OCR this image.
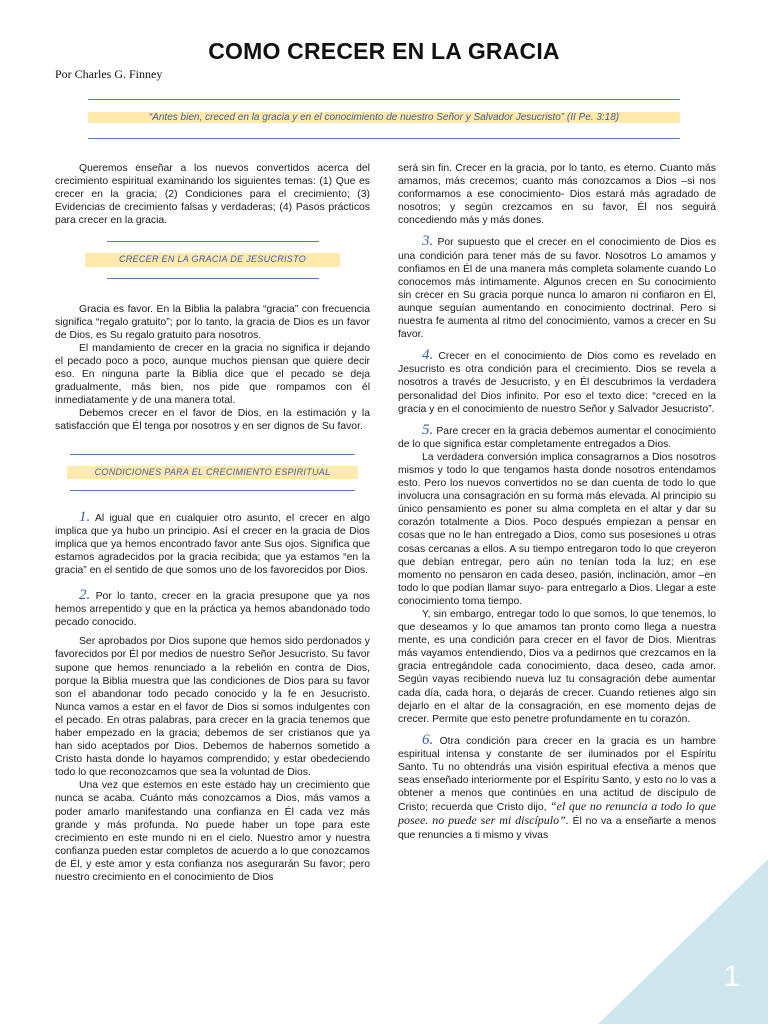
COMO CRECER EN LA GRACIA
Por Charles G. Finney
“Antes bien, creced en la gracia y en el conocimiento de nuestro Señor y Salvador Jesucristo” (II Pe. 3:18)

Queremos enseñar a los nuevos convertidos acerca del crecimiento espiritual examinando los siguientes temas: (1) Que es crecer en la gracia; (2) Condiciones para el crecimiento; (3) Evidencias de crecimiento falsas y verdaderas; (4) Pasos prácticos para crecer en la gracia.

CRECER EN LA GRACIA DE JESUCRISTO

Gracia es favor. En la Biblia la palabra “gracia” con frecuencia significa “regalo gratuito”; por lo tanto, la gracia de Dios es un favor de Dios, es Su regalo gratuito para nosotros.

El mandamiento de crecer en la gracia no significa ir dejando el pecado poco a poco, aunque muchos piensan que quiere decir eso. En ninguna parte la Biblia dice que el pecado se deja gradualmente, más bien, nos pide que rompamos con él inmediatamente y de una manera total.

Debemos crecer en el favor de Dios, en la estimación y la satisfacción que Él tenga por nosotros y en ser dignos de Su favor.

CONDICIONES PARA EL CRECIMIENTO ESPIRITUAL

1. Al igual que en cualquier otro asunto, el crecer en algo implica que ya hubo un principio. Así el crecer en la gracia de Dios implica que ya hemos encontrado favor ante Sus ojos. Significa que estamos agradecidos por la gracia recibida; que ya estamos “en la gracia” en el sentido de que somos uno de los favorecidos por Dios.

2. Por lo tanto, crecer en la gracia presupone que ya nos hemos arrepentido y que en la práctica ya hemos abandonado todo pecado conocido.

Ser aprobados por Dios supone que hemos sido perdonados y favorecidos por Él por medios de nuestro Señor Jesucristo. Su favor supone que hemos renunciado a la rebelión en contra de Dios, porque la Biblia muestra que las condiciones de Dios para su favor son el abandonar todo pecado conocido y la fe en Jesucristo. Nunca vamos a estar en el favor de Dios si somos indulgentes con el pecado. En otras palabras, para crecer en la gracia tenemos que haber empezado en la gracia; debemos de ser cristianos que ya han sido aceptados por Dios. Debemos de habernos sometido a Cristo hasta donde lo hayamos comprendido; y estar obedeciendo todo lo que reconozcamos que sea la voluntad de Dios.

Una vez que estemos en este estado hay un crecimiento que nunca se acaba. Cuánto más conozcamos a Dios, más vamos a poder amarlo manifestando una confianza en Él cada vez más grande y más profunda. No puede haber un tope para este crecimiento en este mundo ni en el cielo. Nuestro amor y nuestra confianza pueden estar completos de acuerdo a lo que conozcamos de Él, y este amor y esta confianza nos asegurarán Su favor; pero nuestro crecimiento en el conocimiento de Dios

será sin fin. Crecer en la gracia, por lo tanto, es eterno. Cuanto más amamos, más crecemos; cuanto más conozcamos a Dios –si nos conformamos a ese conocimiento- Dios estará más agradado de nosotros; y según crezcamos en su favor, Él nos seguirá concediendo más y más dones.

3. Por supuesto que el crecer en el conocimiento de Dios es una condición para tener más de su favor. Nosotros Lo amamos y confiamos en Él de una manera más completa solamente cuando Lo conocemos más íntimamente. Algunos crecen en Su conocimiento sin crecer en Su gracia porque nunca lo amaron ni confiaron en Él, aunque seguían aumentando en conocimiento doctrinal. Pero si nuestra fe aumenta al ritmo del conocimiento, vamos a crecer en Su favor.

4. Crecer en el conocimiento de Dios como es revelado en Jesucristo es otra condición para el crecimiento. Dios se revela a nosotros a través de Jesucristo, y en Él descubrimos la verdadera personalidad del Dios infinito. Por eso el texto dice: “creced en la gracia y en el conocimiento de nuestro Señor y Salvador Jesucristo”.

5. Pare crecer en la gracia debemos aumentar el conocimiento de lo que significa estar completamente entregados a Dios.

La verdadera conversión implica consagrarnos a Dios nosotros mismos y todo lo que tengamos hasta donde nosotros entendamos esto. Pero los nuevos convertidos no se dan cuenta de todo lo que involucra una consagración en su forma más elevada. Al principio su único pensamiento es poner su alma completa en el altar y dar su corazón totalmente a Dios. Poco después empiezan a pensar en cosas que no le han entregado a Dios, como sus posesiones u otras cosas cercanas a ellos. A su tiempo entregaron todo lo que creyeron que debían entregar, pero aún no tenían toda la luz; en ese momento no pensaron en cada deseo, pasión, inclinación, amor –en todo lo que podían llamar suyo- para entregarlo a Dios. Llegar a este conocimiento toma tiempo.

Y, sin embargo, entregar todo lo que somos, lo que tenemos, lo que deseamos y lo que amamos tan pronto como llega a nuestra mente, es una condición para crecer en el favor de Dios. Mientras más vayamos entendiendo, Dios va a pedirnos que crezcamos en la gracia entregándole cada conocimiento, daca deseo, cada amor. Según vayas recibiendo nueva luz tu consagración debe aumentar cada día, cada hora, o dejarás de crecer. Cuando retienes algo sin dejarlo en el altar de la consagración, en ese momento dejas de crecer. Permite que esto penetre profundamente en tu corazón.

6. Otra condición para crecer en la gracia es un hambre espiritual intensa y constante de ser iluminados por el Espíritu Santo. Tu no obtendrás una visión espiritual efectiva a menos que seas enseñado interiormente por el Espíritu Santo, y esto no lo vas a obtener a menos que continúes en una actitud de discípulo de Cristo; recuerda que Cristo dijo, “el que no renuncia a todo lo que posee. no puede ser mi discípulo”. Él no va a enseñarte a menos que renuncies a ti mismo y vivas

1
